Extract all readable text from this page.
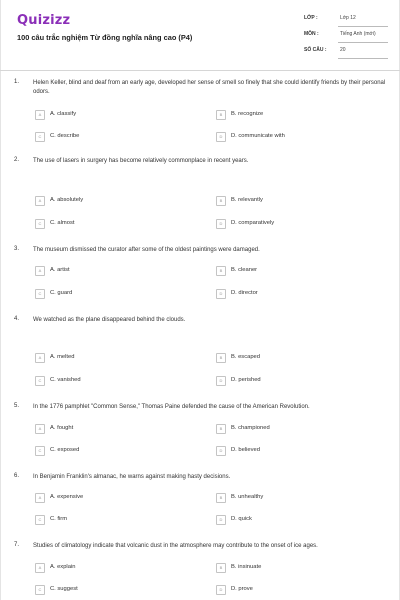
Quizizz
100 câu trắc nghiệm Từ đồng nghĩa nâng cao (P4)
LỚP :	Lớp 12
MÔN :	Tiếng Anh (mới)
SỐ CÂU :	20
1. Helen Keller, blind and deaf from an early age, developed her sense of smell so finely that she could identify friends by their personal odors.
A	A. classify	B	B. recognize
C	C. describe	D	D. communicate with
2. The use of lasers in surgery has become relatively commonplace in recent years.
A	A. absolutely	B	B. relevantly
C	C. almost	D	D. comparatively
3. The museum dismissed the curator after some of the oldest paintings were damaged.
A	A. artist	B	B. cleaner
C	C. guard	D	D. director
4. We watched as the plane disappeared behind the clouds.
A	A. melted	B	B. escaped
C	C. vanished	D	D. perished
5. In the 1776 pamphlet "Common Sense," Thomas Paine defended the cause of the American Revolution.
A	A. fought	B	B. championed
C	C. exposed	D	D. believed
6. In Benjamin Franklin's almanac, he warns against making hasty decisions.
A	A. expensive	B	B. unhealthy
C	C. firm	D	D. quick
7. Studies of climatology indicate that volcanic dust in the atmosphere may contribute to the onset of ice ages.
A	A. explain	B	B. insinuate
C	C. suggest	D	D. prove
